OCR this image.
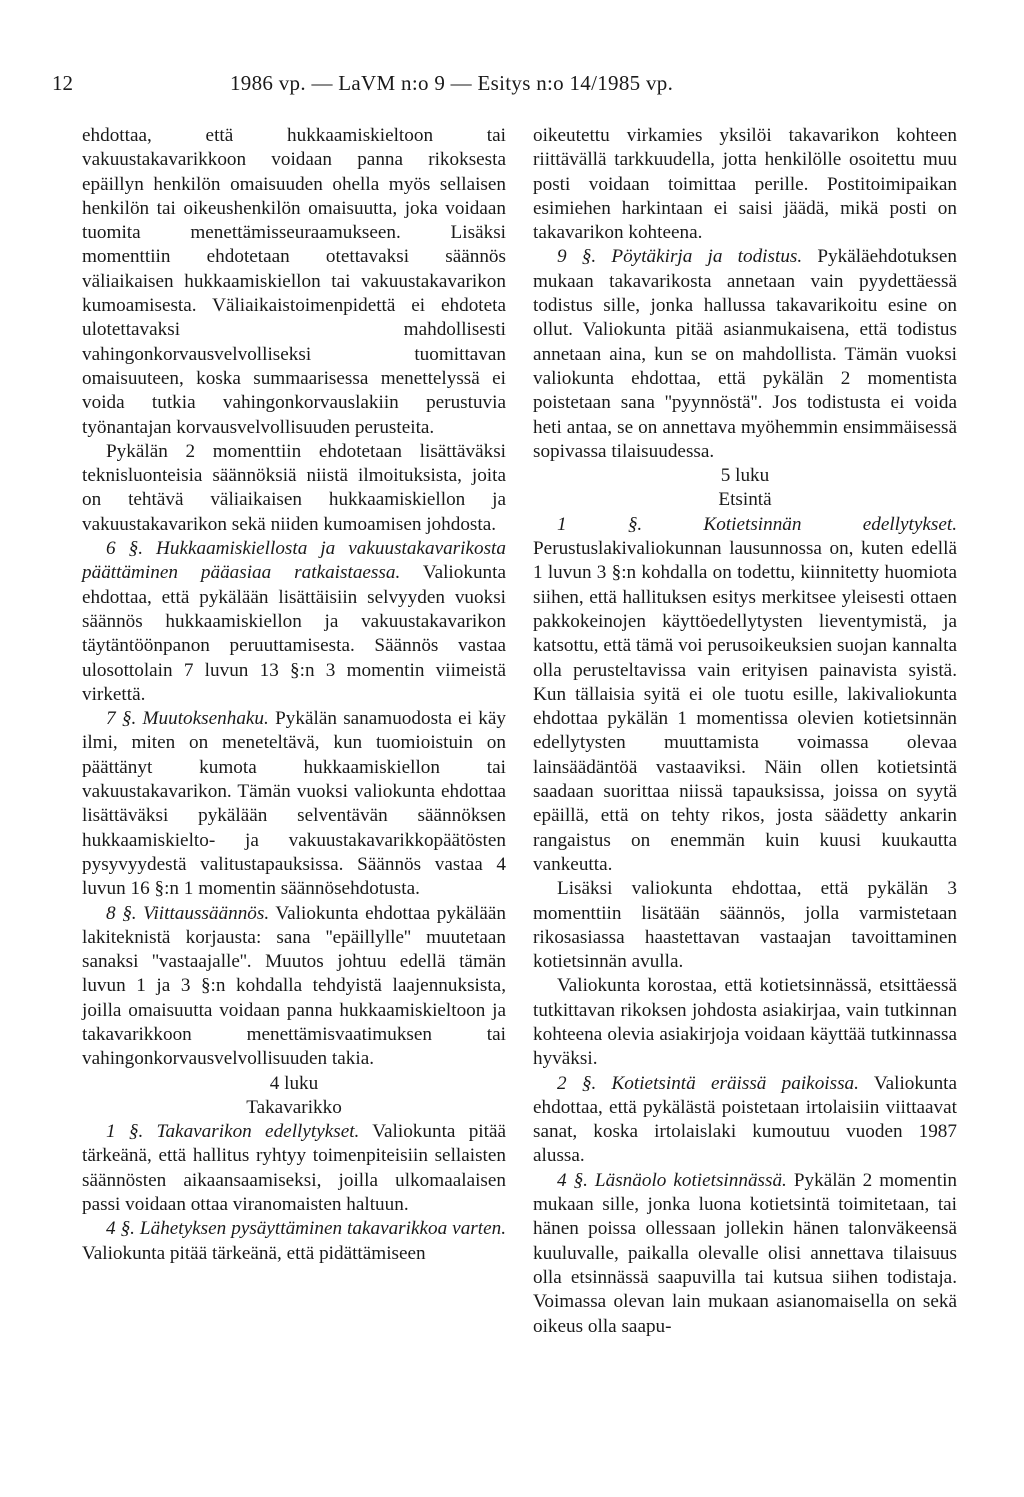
12	1986 vp. — LaVM n:o 9 — Esitys n:o 14/1985 vp.

ehdottaa, että hukkaamiskieltoon tai vakuustakavarikkoon voidaan panna rikoksesta epäillyn henkilön omaisuuden ohella myös sellaisen henkilön tai oikeushenkilön omaisuutta, joka voidaan tuomita menettämisseuraamukseen. Lisäksi momenttiin ehdotetaan otettavaksi säännös väliaikaisen hukkaamiskiellon tai vakuustakavarikon kumoamisesta. Väliaikaistoimenpidettä ei ehdoteta ulotettavaksi mahdollisesti vahingonkorvausvelvolliseksi tuomittavan omaisuuteen, koska summaarisessa menettelyssä ei voida tutkia vahingonkorvauslakiin perustuvia työnantajan korvausvelvollisuuden perusteita.

Pykälän 2 momenttiin ehdotetaan lisättäväksi teknisluonteisia säännöksiä niistä ilmoituksista, joita on tehtävä väliaikaisen hukkaamiskiellon ja vakuustakavarikon sekä niiden kumoamisen johdosta.

6 §. Hukkaamiskiellosta ja vakuustakavarikosta päättäminen pääasiaa ratkaistaessa. Valiokunta ehdottaa, että pykälään lisättäisiin selvyyden vuoksi säännös hukkaamiskiellon ja vakuustakavarikon täytäntöönpanon peruuttamisesta. Säännös vastaa ulosottolain 7 luvun 13 §:n 3 momentin viimeistä virkettä.

7 §. Muutoksenhaku. Pykälän sanamuodosta ei käy ilmi, miten on meneteltävä, kun tuomioistuin on päättänyt kumota hukkaamiskiellon tai vakuustakavarikon. Tämän vuoksi valiokunta ehdottaa lisättäväksi pykälään selventävän säännöksen hukkaamiskielto- ja vakuustakavarikkopäätösten pysyvyydestä valitustapauksissa. Säännös vastaa 4 luvun 16 §:n 1 momentin säännösehdotusta.

8 §. Viittaussäännös. Valiokunta ehdottaa pykälään lakiteknistä korjausta: sana ''epäillylle'' muutetaan sanaksi ''vastaajalle''. Muutos johtuu edellä tämän luvun 1 ja 3 §:n kohdalla tehdyistä laajennuksista, joilla omaisuutta voidaan panna hukkaamiskieltoon ja takavarikkoon menettämisvaatimuksen tai vahingonkorvausvelvollisuuden takia.

4 luku

Takavarikko

1 §. Takavarikon edellytykset. Valiokunta pitää tärkeänä, että hallitus ryhtyy toimenpiteisiin sellaisten säännösten aikaansaamiseksi, joilla ulkomaalaisen passi voidaan ottaa viranomaisten haltuun.

4 §. Lähetyksen pysäyttäminen takavarikkoa varten. Valiokunta pitää tärkeänä, että pidättämiseen

oikeutettu virkamies yksilöi takavarikon kohteen riittävällä tarkkuudella, jotta henkilölle osoitettu muu posti voidaan toimittaa perille. Postitoimipaikan esimiehen harkintaan ei saisi jäädä, mikä posti on takavarikon kohteena.

9 §. Pöytäkirja ja todistus. Pykäläehdotuksen mukaan takavarikosta annetaan vain pyydettäessä todistus sille, jonka hallussa takavarikoitu esine on ollut. Valiokunta pitää asianmukaisena, että todistus annetaan aina, kun se on mahdollista. Tämän vuoksi valiokunta ehdottaa, että pykälän 2 momentista poistetaan sana ''pyynnöstä''. Jos todistusta ei voida heti antaa, se on annettava myöhemmin ensimmäisessä sopivassa tilaisuudessa.

5 luku

Etsintä

1 §. Kotietsinnän edellytykset. Perustuslakivaliokunnan lausunnossa on, kuten edellä 1 luvun 3 §:n kohdalla on todettu, kiinnitetty huomiota siihen, että hallituksen esitys merkitsee yleisesti ottaen pakkokeinojen käyttöedellytysten lieventymistä, ja katsottu, että tämä voi perusoikeuksien suojan kannalta olla perusteltavissa vain erityisen painavista syistä. Kun tällaisia syitä ei ole tuotu esille, lakivaliokunta ehdottaa pykälän 1 momentissa olevien kotietsinnän edellytysten muuttamista voimassa olevaa lainsäädäntöä vastaaviksi. Näin ollen kotietsintä saadaan suorittaa niissä tapauksissa, joissa on syytä epäillä, että on tehty rikos, josta säädetty ankarin rangaistus on enemmän kuin kuusi kuukautta vankeutta.

Lisäksi valiokunta ehdottaa, että pykälän 3 momenttiin lisätään säännös, jolla varmistetaan rikosasiassa haastettavan vastaajan tavoittaminen kotietsinnän avulla.

Valiokunta korostaa, että kotietsinnässä, etsittäessä tutkittavan rikoksen johdosta asiakirjaa, vain tutkinnan kohteena olevia asiakirjoja voidaan käyttää tutkinnassa hyväksi.

2 §. Kotietsintä eräissä paikoissa. Valiokunta ehdottaa, että pykälästä poistetaan irtolaisiin viittaavat sanat, koska irtolaislaki kumoutuu vuoden 1987 alussa.

4 §. Läsnäolo kotietsinnässä. Pykälän 2 momentin mukaan sille, jonka luona kotietsintä toimitetaan, tai hänen poissa ollessaan jollekin hänen talonväkeensä kuuluvalle, paikalla olevalle olisi annettava tilaisuus olla etsinnässä saapuvilla tai kutsua siihen todistaja. Voimassa olevan lain mukaan asianomaisella on sekä oikeus olla saapu-
